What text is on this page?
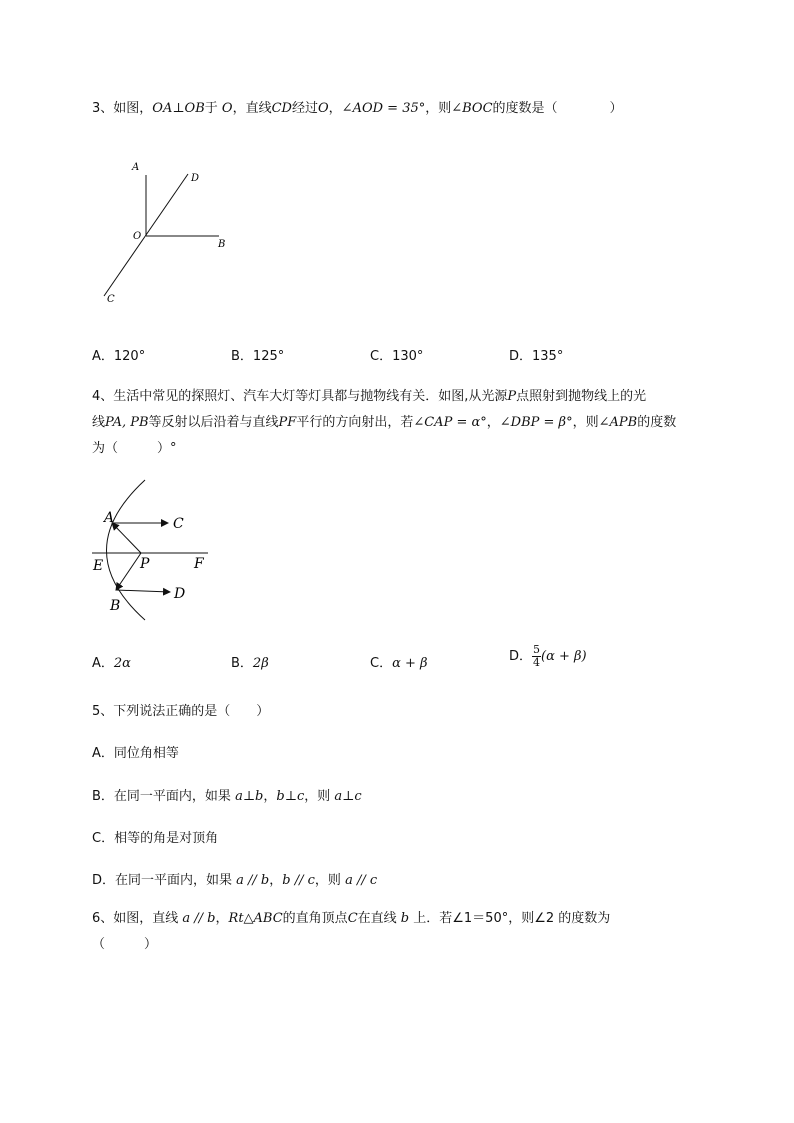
3、如图，OA⊥OB于 O，直线CD经过O，∠AOD = 35°，则∠BOC的度数是（　　　　）
A
D
O
B
C
A．120°	B．125°	C．130°	D．135°
4、生活中常见的探照灯、汽车大灯等灯具都与抛物线有关．如图,从光源P点照射到抛物线上的光
线PA, PB等反射以后沿着与直线PF平行的方向射出，若∠CAP = α°，∠DBP = β°，则∠APB的度数
为（　　　）°
A	C
E	P	F
B
D
A．2α	B．2β	C．α + β	D． $\frac{5}{4} (\alpha + \beta)$
5、下列说法正确的是（　　）
A．同位角相等
B．在同一平面内，如果 a⊥b，b⊥c，则 a⊥c
C．相等的角是对顶角
D．在同一平面内，如果 a // b，b // c，则 a // c
6、如图，直线 a // b，Rt△ABC的直角顶点C在直线 b 上．若∠1＝50°，则∠2 的度数为
（　　　）
